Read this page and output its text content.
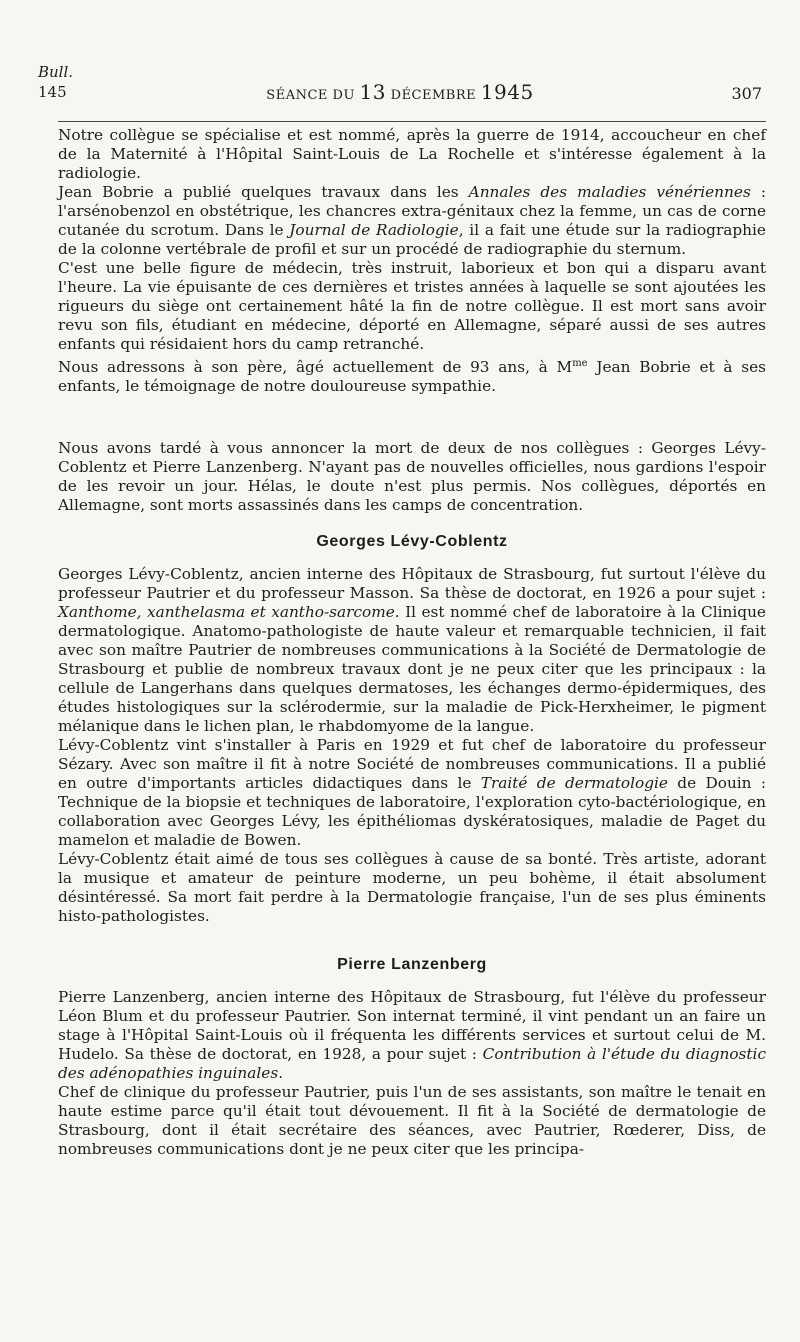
Bull.
145	SÉANCE DU 13 DÉCEMBRE 1945	307

Notre collègue se spécialise et est nommé, après la guerre de 1914, accoucheur en chef de la Maternité à l'Hôpital Saint-Louis de La Rochelle et s'intéresse également à la radiologie.

Jean Bobrie a publié quelques travaux dans les Annales des maladies vénériennes : l'arsénobenzol en obstétrique, les chancres extra-génitaux chez la femme, un cas de corne cutanée du scrotum. Dans le Journal de Radiologie, il a fait une étude sur la radiographie de la colonne vertébrale de profil et sur un procédé de radiographie du sternum.

C'est une belle figure de médecin, très instruit, laborieux et bon qui a disparu avant l'heure. La vie épuisante de ces dernières et tristes années à laquelle se sont ajoutées les rigueurs du siège ont certainement hâté la fin de notre collègue. Il est mort sans avoir revu son fils, étudiant en médecine, déporté en Allemagne, séparé aussi de ses autres enfants qui résidaient hors du camp retranché.

Nous adressons à son père, âgé actuellement de 93 ans, à $M^{me}$ Jean Bobrie et à ses enfants, le témoignage de notre douloureuse sympathie.

Nous avons tardé à vous annoncer la mort de deux de nos collègues : Georges Lévy-Coblentz et Pierre Lanzenberg. N'ayant pas de nouvelles officielles, nous gardions l'espoir de les revoir un jour. Hélas, le doute n'est plus permis. Nos collègues, déportés en Allemagne, sont morts assassinés dans les camps de concentration.

Georges Lévy-Coblentz

Georges Lévy-Coblentz, ancien interne des Hôpitaux de Strasbourg, fut surtout l'élève du professeur Pautrier et du professeur Masson. Sa thèse de doctorat, en 1926 a pour sujet : Xanthome, xanthelasma et xantho-sarcome. Il est nommé chef de laboratoire à la Clinique dermatologique. Anatomo-pathologiste de haute valeur et remarquable technicien, il fait avec son maître Pautrier de nombreuses communications à la Société de Dermatologie de Strasbourg et publie de nombreux travaux dont je ne peux citer que les principaux : la cellule de Langerhans dans quelques dermatoses, les échanges dermo-épidermiques, des études histologiques sur la sclérodermie, sur la maladie de Pick-Herxheimer, le pigment mélanique dans le lichen plan, le rhabdomyome de la langue.

Lévy-Coblentz vint s'installer à Paris en 1929 et fut chef de laboratoire du professeur Sézary. Avec son maître il fit à notre Société de nombreuses communications. Il a publié en outre d'importants articles didactiques dans le Traité de dermatologie de Douin : Technique de la biopsie et techniques de laboratoire, l'exploration cyto-bactériologique, en collaboration avec Georges Lévy, les épithéliomas dyskératosiques, maladie de Paget du mamelon et maladie de Bowen.

Lévy-Coblentz était aimé de tous ses collègues à cause de sa bonté. Très artiste, adorant la musique et amateur de peinture moderne, un peu bohème, il était absolument désintéressé. Sa mort fait perdre à la Dermatologie française, l'un de ses plus éminents histo-pathologistes.

Pierre Lanzenberg

Pierre Lanzenberg, ancien interne des Hôpitaux de Strasbourg, fut l'élève du professeur Léon Blum et du professeur Pautrier. Son internat terminé, il vint pendant un an faire un stage à l'Hôpital Saint-Louis où il fréquenta les différents services et surtout celui de M. Hudelo. Sa thèse de doctorat, en 1928, a pour sujet : Contribution à l'étude du diagnostic des adénopathies inguinales.

Chef de clinique du professeur Pautrier, puis l'un de ses assistants, son maître le tenait en haute estime parce qu'il était tout dévouement. Il fit à la Société de dermatologie de Strasbourg, dont il était secrétaire des séances, avec Pautrier, Rœderer, Diss, de nombreuses communications dont je ne peux citer que les principa-
